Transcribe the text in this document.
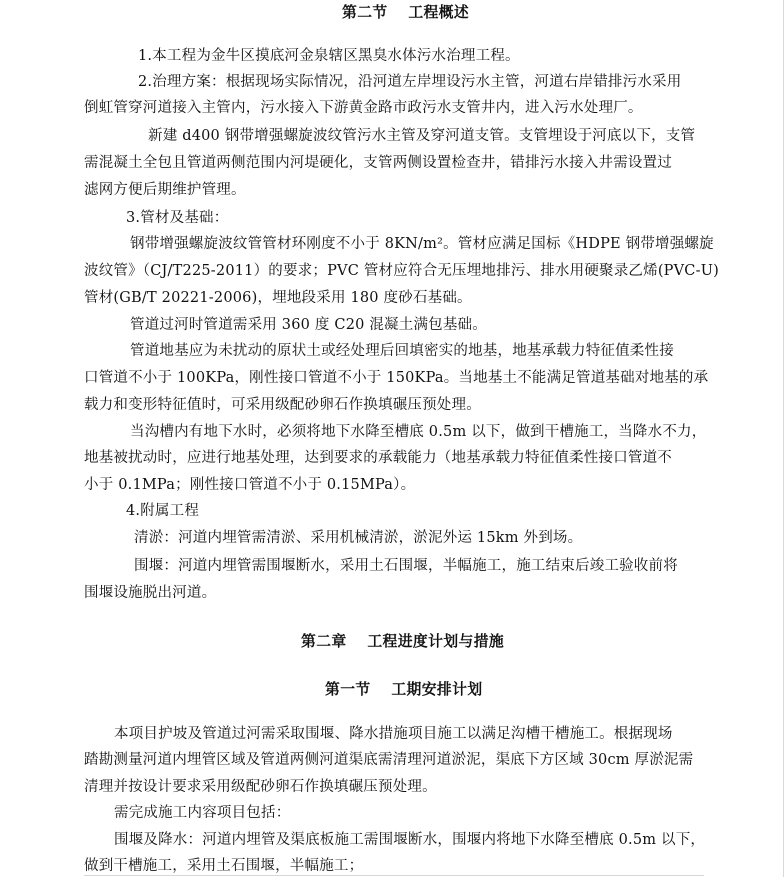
第二节　 工程概述
1.本工程为金牛区摸底河金泉辖区黑臭水体污水治理工程。
2.治理方案：根据现场实际情况，沿河道左岸埋设污水主管，河道右岸错排污水采用
倒虹管穿河道接入主管内，污水接入下游黄金路市政污水支管井内，进入污水处理厂。
新建 d400 钢带增强螺旋波纹管污水主管及穿河道支管。支管埋设于河底以下，支管
需混凝土全包且管道两侧范围内河堤硬化，支管两侧设置检查井，错排污水接入井需设置过
滤网方便后期维护管理。
3.管材及基础：
钢带增强螺旋波纹管管材环刚度不小于 8KN/m²。管材应满足国标《HDPE 钢带增强螺旋
波纹管》（CJ/T225-2011）的要求；PVC 管材应符合无压埋地排污、排水用硬聚录乙烯(PVC-U)
管材(GB/T 20221-2006)，埋地段采用 180 度砂石基础。
管道过河时管道需采用 360 度 C20 混凝土满包基础。
管道地基应为未扰动的原状土或经处理后回填密实的地基，地基承载力特征值柔性接
口管道不小于 100KPa，刚性接口管道不小于 150KPa。当地基土不能满足管道基础对地基的承
载力和变形特征值时，可采用级配砂卵石作换填碾压预处理。
当沟槽内有地下水时，必须将地下水降至槽底 0.5m 以下，做到干槽施工，当降水不力，
地基被扰动时，应进行地基处理，达到要求的承载能力（地基承载力特征值柔性接口管道不
小于 0.1MPa；刚性接口管道不小于 0.15MPa）。
4.附属工程
清淤：河道内埋管需清淤、采用机械清淤，淤泥外运 15km 外到场。
围堰：河道内埋管需围堰断水，采用土石围堰，半幅施工，施工结束后竣工验收前将
围堰设施脱出河道。
第二章　 工程进度计划与措施
第一节　 工期安排计划
本项目护坡及管道过河需采取围堰、降水措施项目施工以满足沟槽干槽施工。根据现场
踏勘测量河道内埋管区域及管道两侧河道渠底需清理河道淤泥，渠底下方区域 30cm 厚淤泥需
清理并按设计要求采用级配砂卵石作换填碾压预处理。
需完成施工内容项目包括：
围堰及降水：河道内埋管及渠底板施工需围堰断水，围堰内将地下水降至槽底 0.5m 以下，
做到干槽施工，采用土石围堰，半幅施工；
